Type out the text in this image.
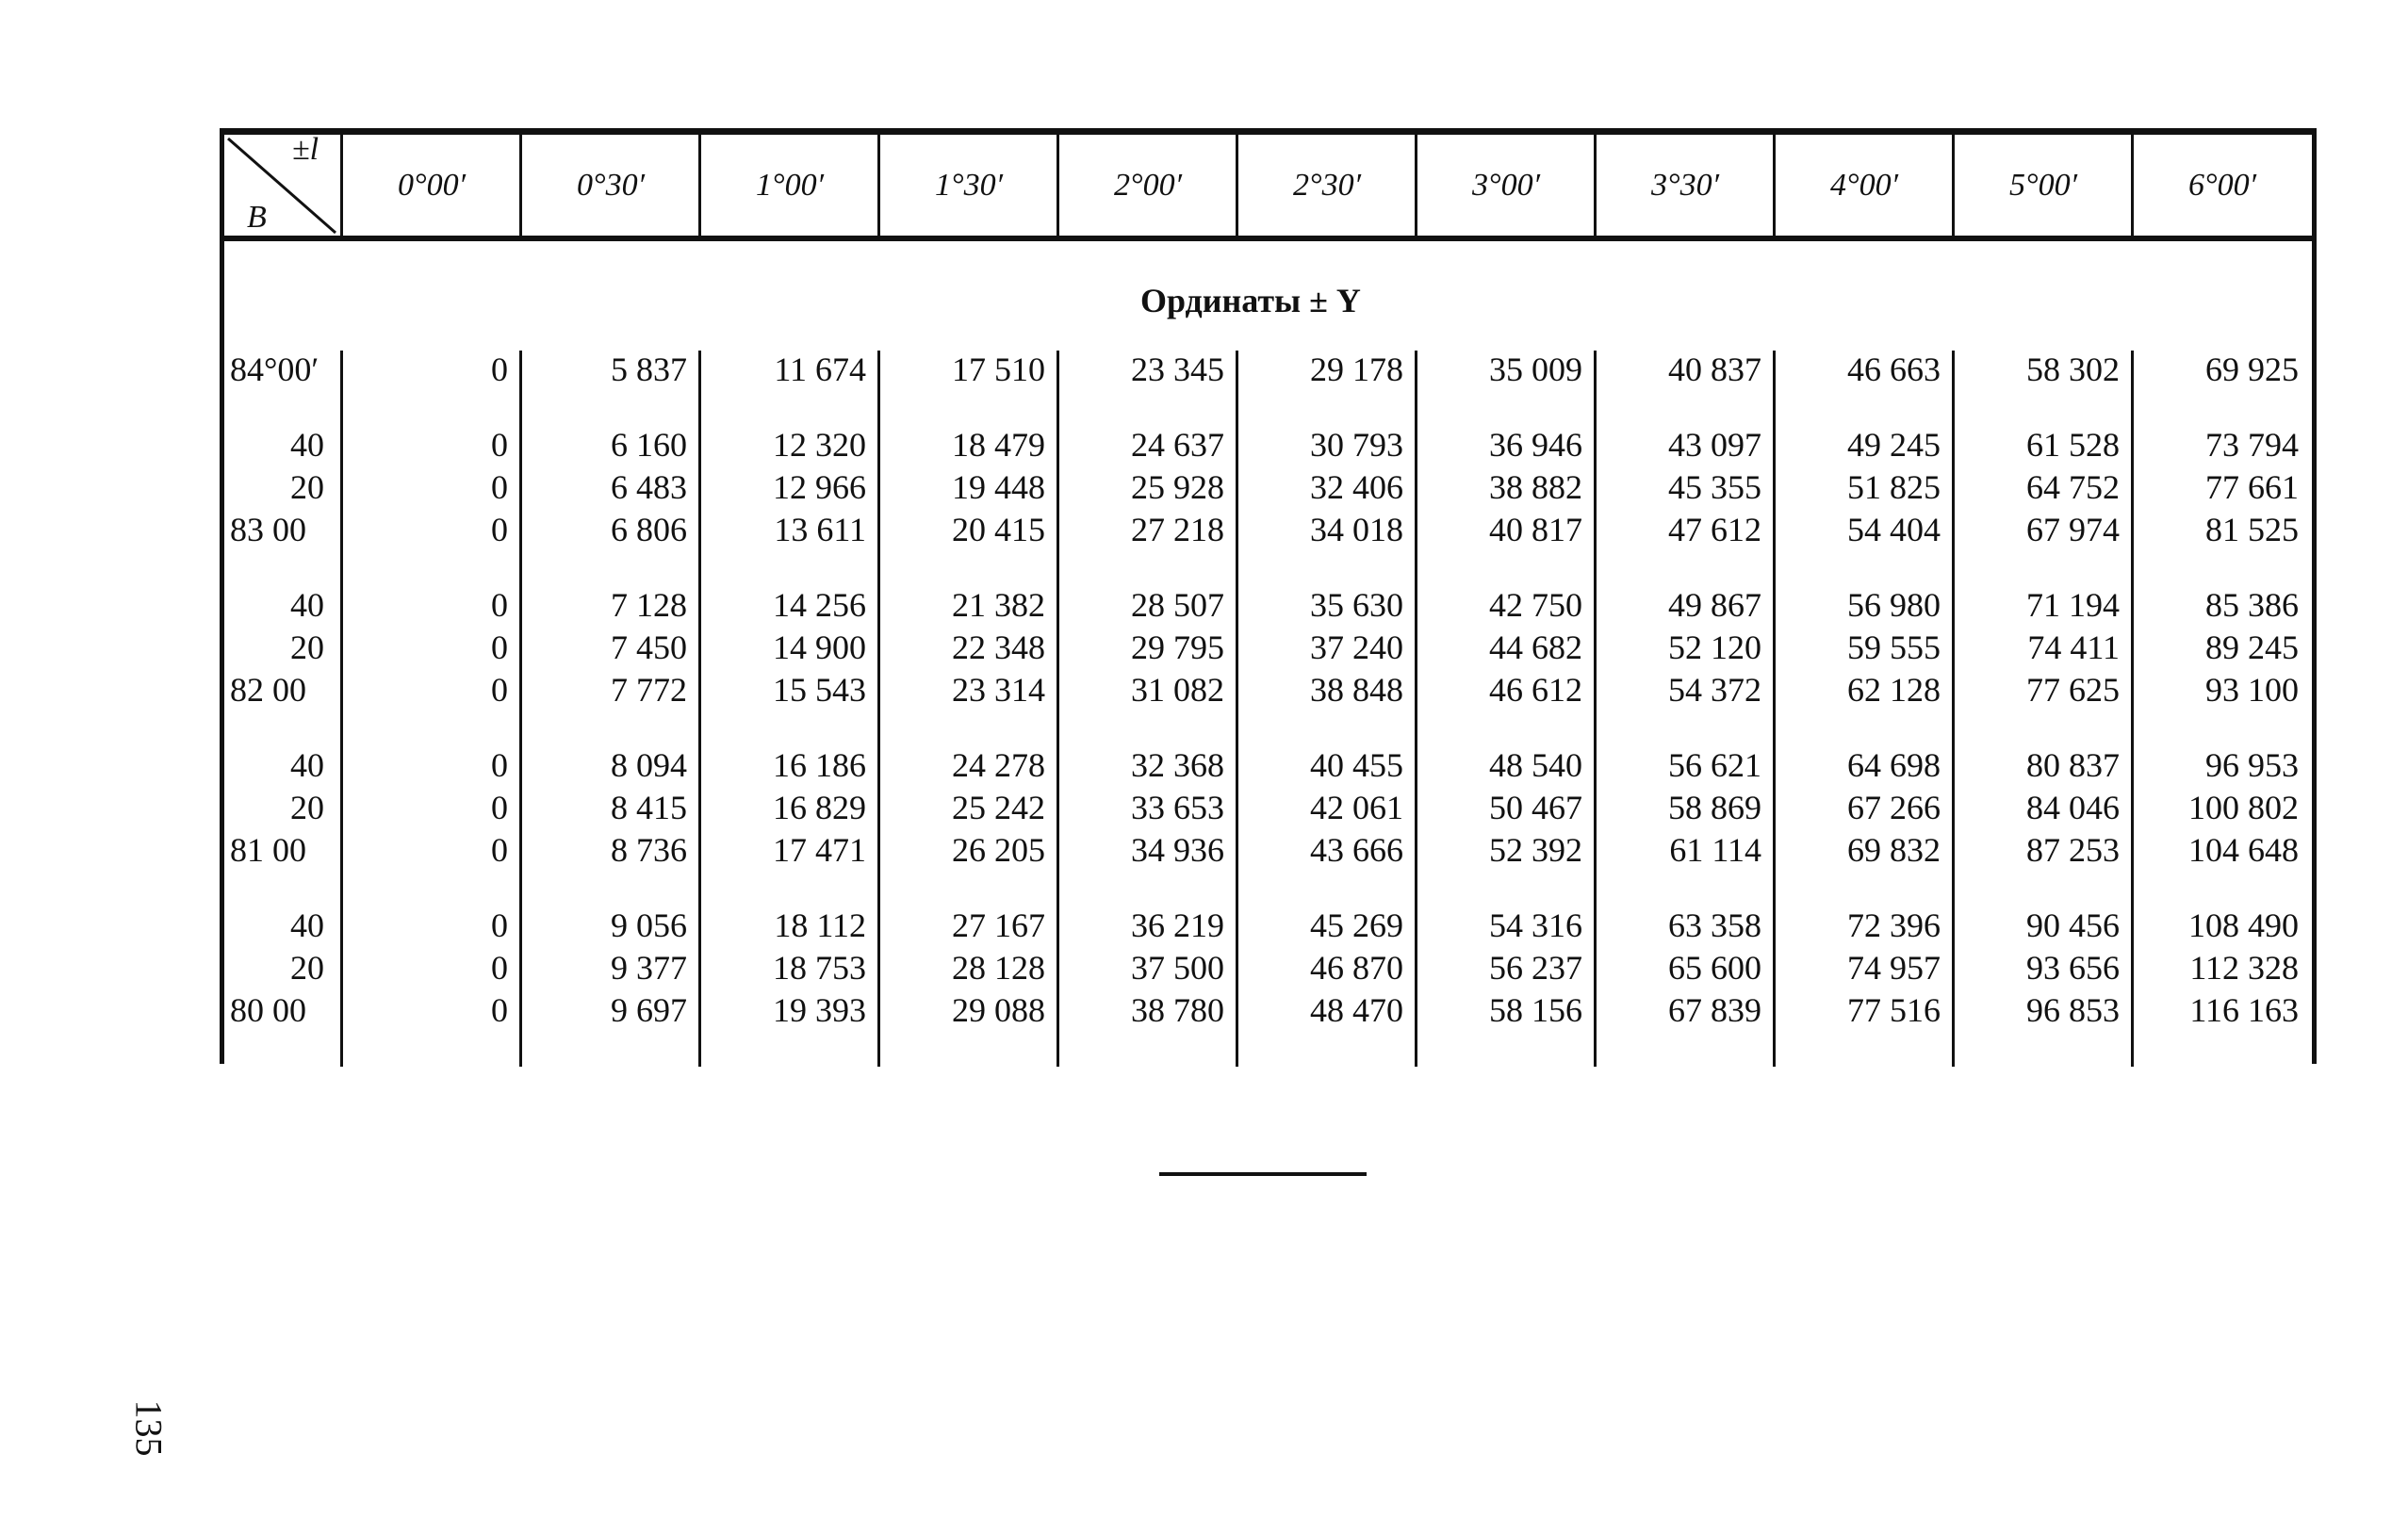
±l
B
0°00′	0°30′	1°00′	1°30′	2°00′	2°30′	3°00′	3°30′	4°00′	5°00′	6°00′
Ординаты ± Y
84°00′	0	5 837	11 674	17 510	23 345	29 178	35 009	40 837	46 663	58 302	69 925
40	0	6 160	12 320	18 479	24 637	30 793	36 946	43 097	49 245	61 528	73 794
20	0	6 483	12 966	19 448	25 928	32 406	38 882	45 355	51 825	64 752	77 661
83 00	0	6 806	13 611	20 415	27 218	34 018	40 817	47 612	54 404	67 974	81 525
40	0	7 128	14 256	21 382	28 507	35 630	42 750	49 867	56 980	71 194	85 386
20	0	7 450	14 900	22 348	29 795	37 240	44 682	52 120	59 555	74 411	89 245
82 00	0	7 772	15 543	23 314	31 082	38 848	46 612	54 372	62 128	77 625	93 100
40	0	8 094	16 186	24 278	32 368	40 455	48 540	56 621	64 698	80 837	96 953
20	0	8 415	16 829	25 242	33 653	42 061	50 467	58 869	67 266	84 046	100 802
81 00	0	8 736	17 471	26 205	34 936	43 666	52 392	61 114	69 832	87 253	104 648
40	0	9 056	18 112	27 167	36 219	45 269	54 316	63 358	72 396	90 456	108 490
20	0	9 377	18 753	28 128	37 500	46 870	56 237	65 600	74 957	93 656	112 328
80 00	0	9 697	19 393	29 088	38 780	48 470	58 156	67 839	77 516	96 853	116 163
135
